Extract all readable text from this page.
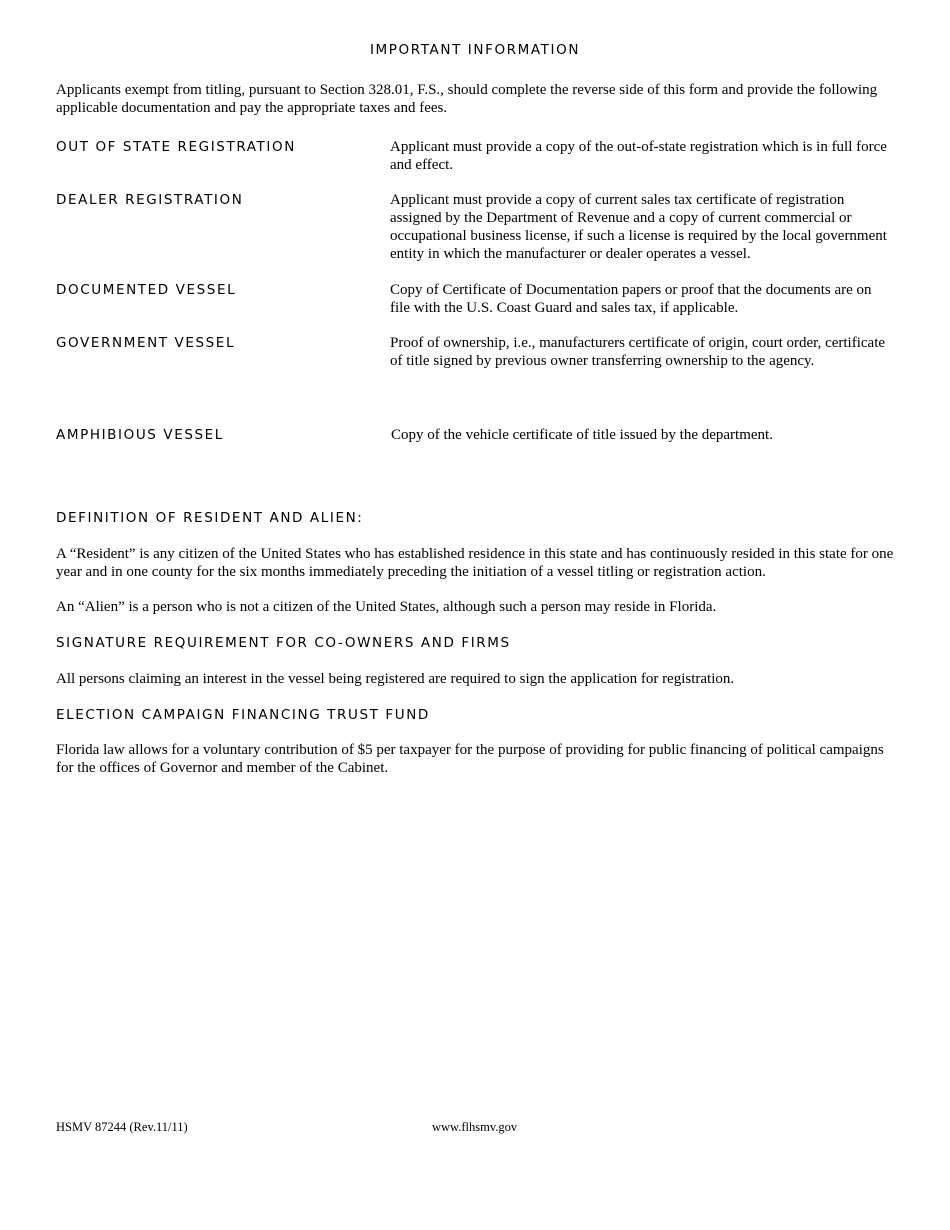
IMPORTANT INFORMATION
Applicants exempt from titling, pursuant to Section 328.01, F.S., should complete the reverse side of this form and provide the following applicable documentation and pay the appropriate taxes and fees.
OUT OF STATE REGISTRATION	Applicant must provide a copy of the out-of-state registration which is in full force and effect.
DEALER REGISTRATION	Applicant must provide a copy of current sales tax certificate of registration assigned by the Department of Revenue and a copy of current commercial or occupational business license, if such a license is required by the local government entity in which the manufacturer or dealer operates a vessel.
DOCUMENTED VESSEL	Copy of Certificate of Documentation papers or proof that the documents are on file with the U.S. Coast Guard and sales tax, if applicable.
GOVERNMENT VESSEL	Proof of ownership, i.e., manufacturers certificate of origin, court order, certificate of title signed by previous owner transferring ownership to the agency.
AMPHIBIOUS VESSEL	Copy of the vehicle certificate of title issued by the department.
DEFINITION OF RESIDENT AND ALIEN:
A “Resident” is any citizen of the United States who has established residence in this state and has continuously resided in this state for one year and in one county for the six months immediately preceding the initiation of a vessel titling or registration action.
An “Alien” is a person who is not a citizen of the United States, although such a person may reside in Florida.
SIGNATURE REQUIREMENT FOR CO-OWNERS AND FIRMS
All persons claiming an interest in the vessel being registered are required to sign the application for registration.
ELECTION CAMPAIGN FINANCING TRUST FUND
Florida law allows for a voluntary contribution of $5 per taxpayer for the purpose of providing for public financing of political campaigns for the offices of Governor and member of the Cabinet.
HSMV 87244 (Rev.11/11)	www.flhsmv.gov
